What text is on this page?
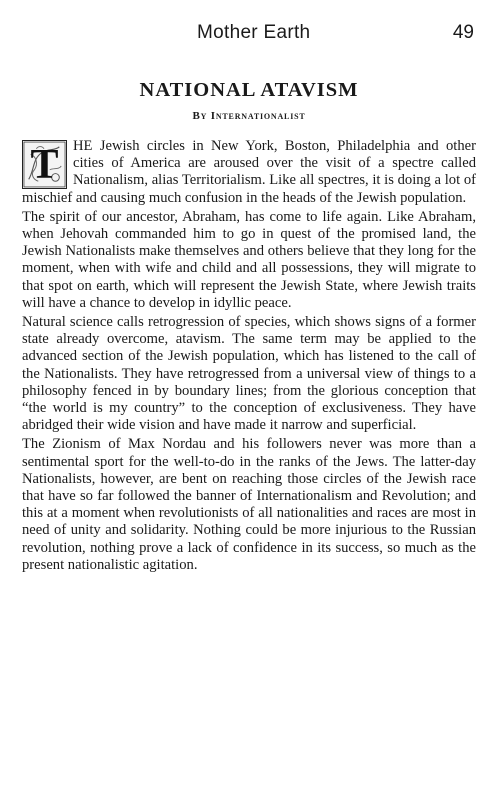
Mother Earth	49
NATIONAL ATAVISM
By Internationalist

T HE Jewish circles in New York, Boston, Philadelphia and other cities of America are aroused over the visit of a spectre called Nationalism, alias Territorialism. Like all spectres, it is doing a lot of mischief and causing much confusion in the heads of the Jewish population.

The spirit of our ancestor, Abraham, has come to life again. Like Abraham, when Jehovah commanded him to go in quest of the promised land, the Jewish Nationalists make themselves and others believe that they long for the moment, when with wife and child and all possessions, they will migrate to that spot on earth, which will represent the Jewish State, where Jewish traits will have a chance to develop in idyllic peace.

Natural science calls retrogression of species, which shows signs of a former state already overcome, atavism. The same term may be applied to the advanced section of the Jewish population, which has listened to the call of the Nationalists. They have retrogressed from a universal view of things to a philosophy fenced in by boundary lines; from the glorious conception that “the world is my country” to the conception of exclusiveness. They have abridged their wide vision and have made it narrow and superficial.

The Zionism of Max Nordau and his followers never was more than a sentimental sport for the well-to-do in the ranks of the Jews. The latter-day Nationalists, however, are bent on reaching those circles of the Jewish race that have so far followed the banner of Internationalism and Revolution; and this at a moment when revolutionists of all nationalities and races are most in need of unity and solidarity. Nothing could be more injurious to the Russian revolution, nothing prove a lack of confidence in its success, so much as the present nationalistic agitation.
